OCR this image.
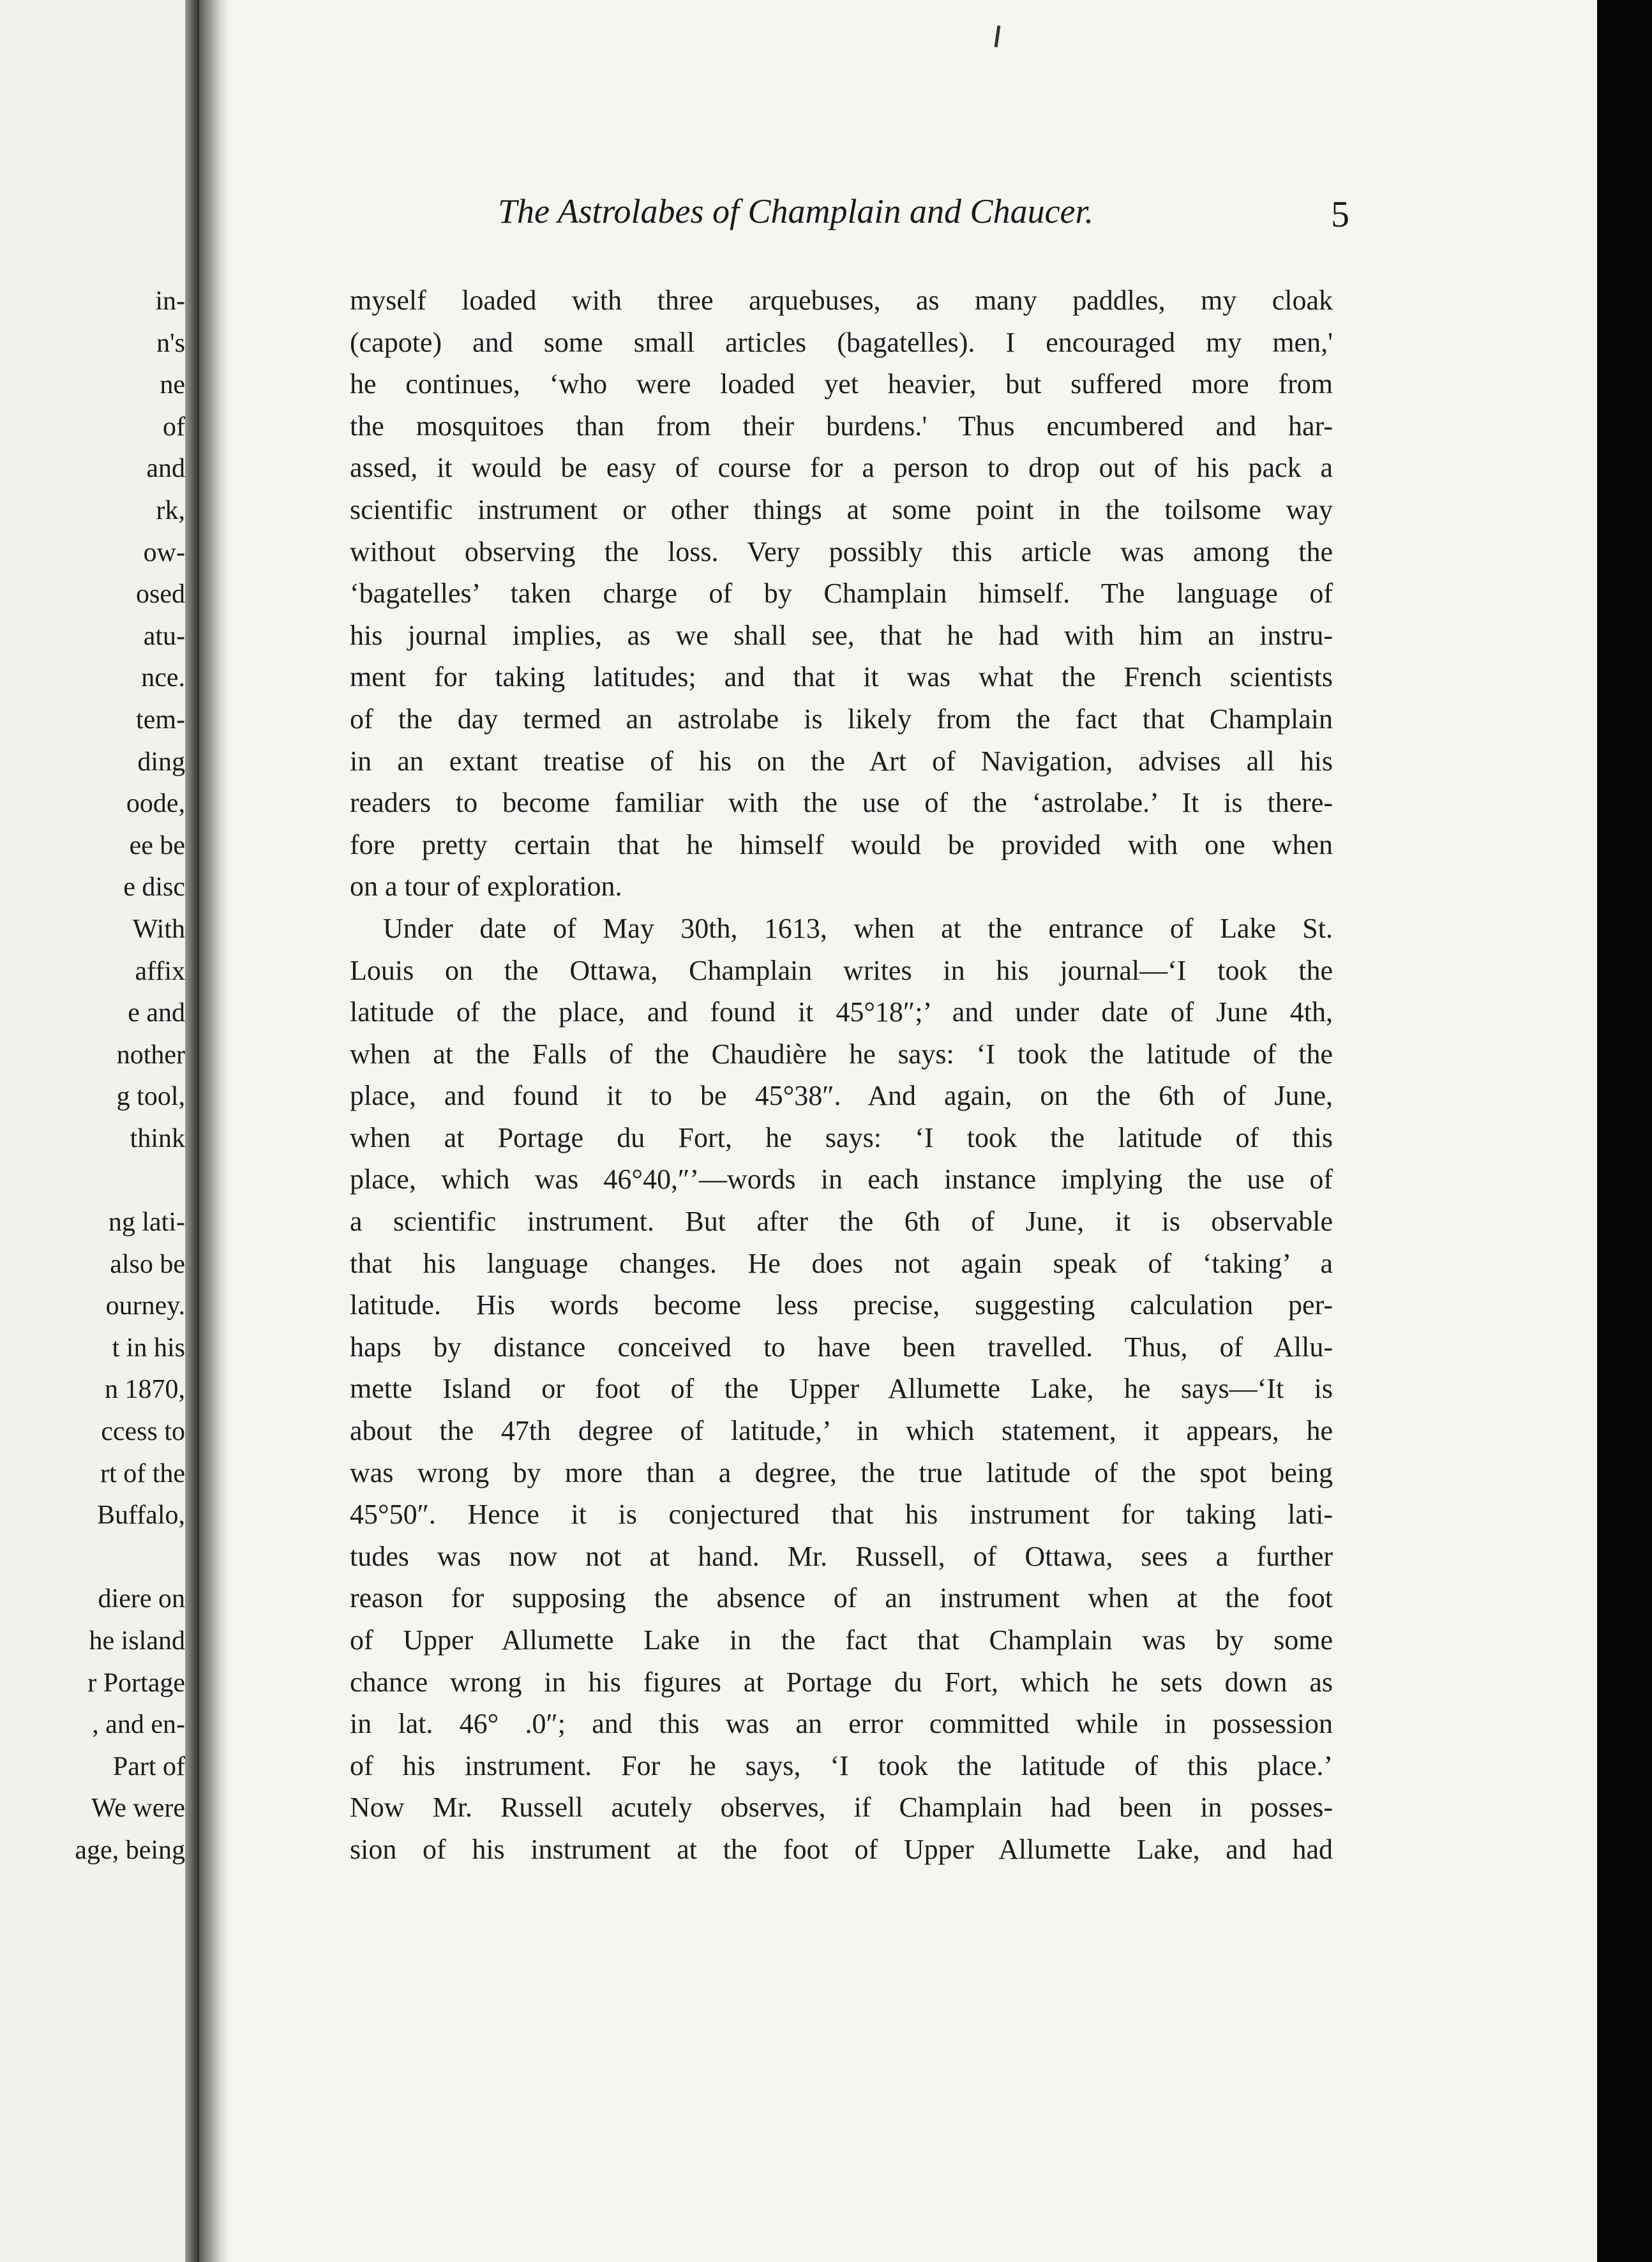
in-
n's
ne
of
and
rk,
ow-
osed
atu-
nce.
tem-
ding
oode,
ee be
e disc
With
affix
e and
nother
g tool,
think
ng lati-
also be
ourney.
t in his
n 1870,
ccess to
rt of the
Buffalo,
diere on
he island
r Portage
, and en-
Part of
We were
age, being
The Astrolabes of Champlain and Chaucer.	5
myself loaded with three arquebuses, as many paddles, my cloak
(capote) and some small articles (bagatelles). I encouraged my men,'
he continues, ‘who were loaded yet heavier, but suffered more from
the mosquitoes than from their burdens.' Thus encumbered and har-
assed, it would be easy of course for a person to drop out of his pack a
scientific instrument or other things at some point in the toilsome way
without observing the loss. Very possibly this article was among the
‘bagatelles’ taken charge of by Champlain himself. The language of
his journal implies, as we shall see, that he had with him an instru-
ment for taking latitudes; and that it was what the French scientists
of the day termed an astrolabe is likely from the fact that Champlain
in an extant treatise of his on the Art of Navigation, advises all his
readers to become familiar with the use of the ‘astrolabe.’ It is there-
fore pretty certain that he himself would be provided with one when
on a tour of exploration.
Under date of May 30th, 1613, when at the entrance of Lake St.
Louis on the Ottawa, Champlain writes in his journal—‘I took the
latitude of the place, and found it 45°18″;’ and under date of June 4th,
when at the Falls of the Chaudière he says: ‘I took the latitude of the
place, and found it to be 45°38″. And again, on the 6th of June,
when at Portage du Fort, he says: ‘I took the latitude of this
place, which was 46°40,″’—words in each instance implying the use of
a scientific instrument. But after the 6th of June, it is observable
that his language changes. He does not again speak of ‘taking’ a
latitude. His words become less precise, suggesting calculation per-
haps by distance conceived to have been travelled. Thus, of Allu-
mette Island or foot of the Upper Allumette Lake, he says—‘It is
about the 47th degree of latitude,’ in which statement, it appears, he
was wrong by more than a degree, the true latitude of the spot being
45°50″. Hence it is conjectured that his instrument for taking lati-
tudes was now not at hand. Mr. Russell, of Ottawa, sees a further
reason for supposing the absence of an instrument when at the foot
of Upper Allumette Lake in the fact that Champlain was by some
chance wrong in his figures at Portage du Fort, which he sets down as
in lat. 46° .0″; and this was an error committed while in possession
of his instrument. For he says, ‘I took the latitude of this place.’
Now Mr. Russell acutely observes, if Champlain had been in posses-
sion of his instrument at the foot of Upper Allumette Lake, and had
